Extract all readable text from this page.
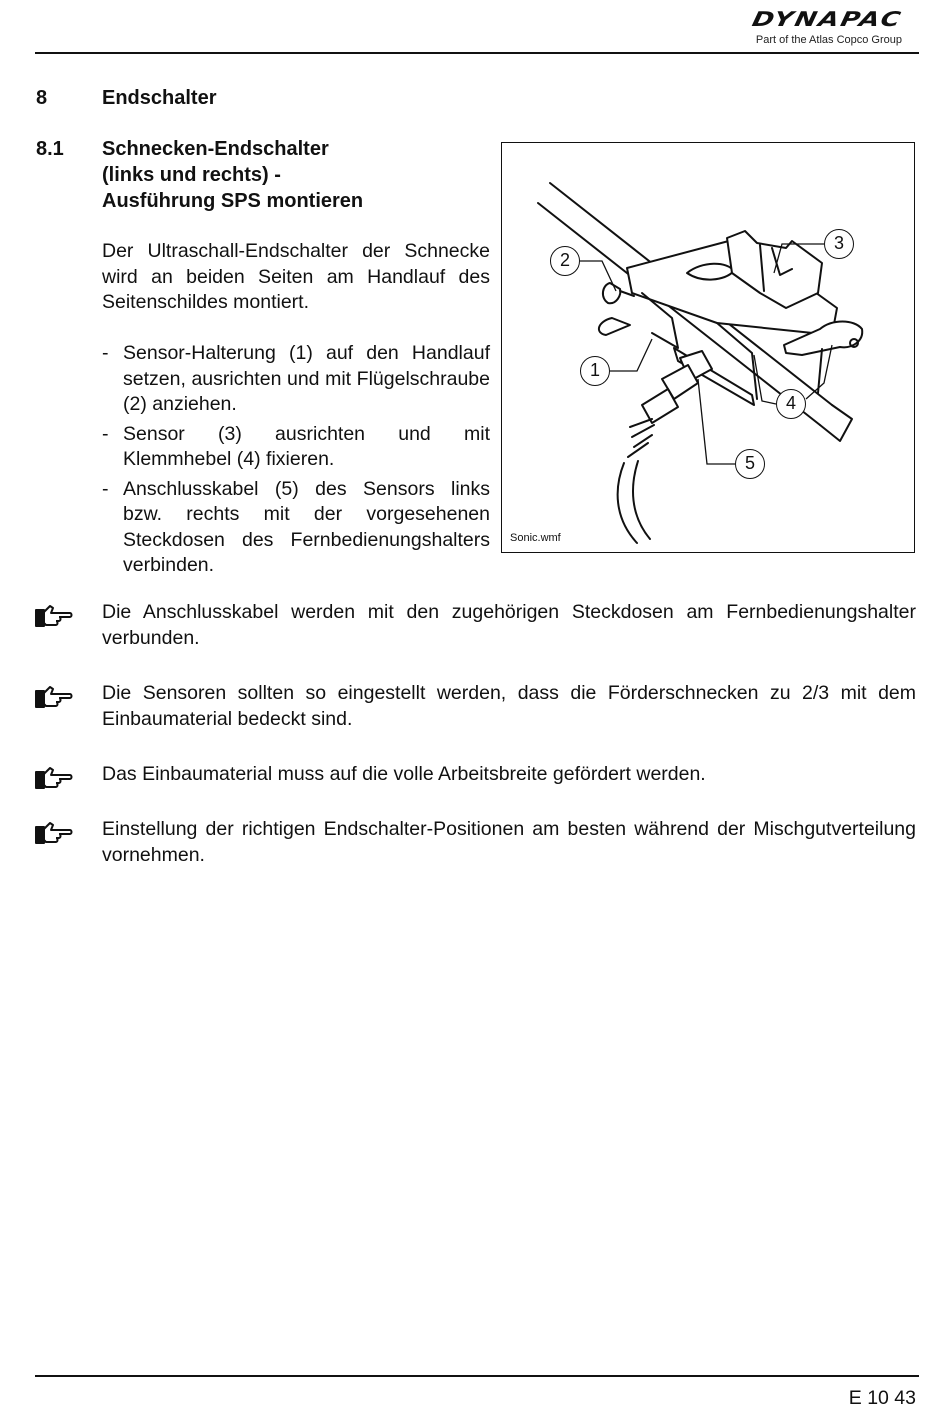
DYNAPAC
Part of the Atlas Copco Group
8	Endschalter
8.1 Schnecken-Endschalter
(links und rechts) -
Ausführung SPS montieren
Der Ultraschall-Endschalter der Schnecke wird an beiden Seiten am Handlauf des Seitenschildes montiert.
- Sensor-Halterung (1) auf den Handlauf setzen, ausrichten und mit Flügelschraube (2) anziehen.
- Sensor (3) ausrichten und mit Klemmhebel (4) fixieren.
- Anschlusskabel (5) des Sensors links bzw. rechts mit der vorgesehenen Steckdosen des Fernbedienungshalters verbinden.
2
3
1
4
5
Sonic.wmf
Die Anschlusskabel werden mit den zugehörigen Steckdosen am Fernbedienungshalter verbunden.
Die Sensoren sollten so eingestellt werden, dass die Förderschnecken zu 2/3 mit dem Einbaumaterial bedeckt sind.
Das Einbaumaterial muss auf die volle Arbeitsbreite gefördert werden.
Einstellung der richtigen Endschalter-Positionen am besten während der Mischgutverteilung vornehmen.
E 10 43
